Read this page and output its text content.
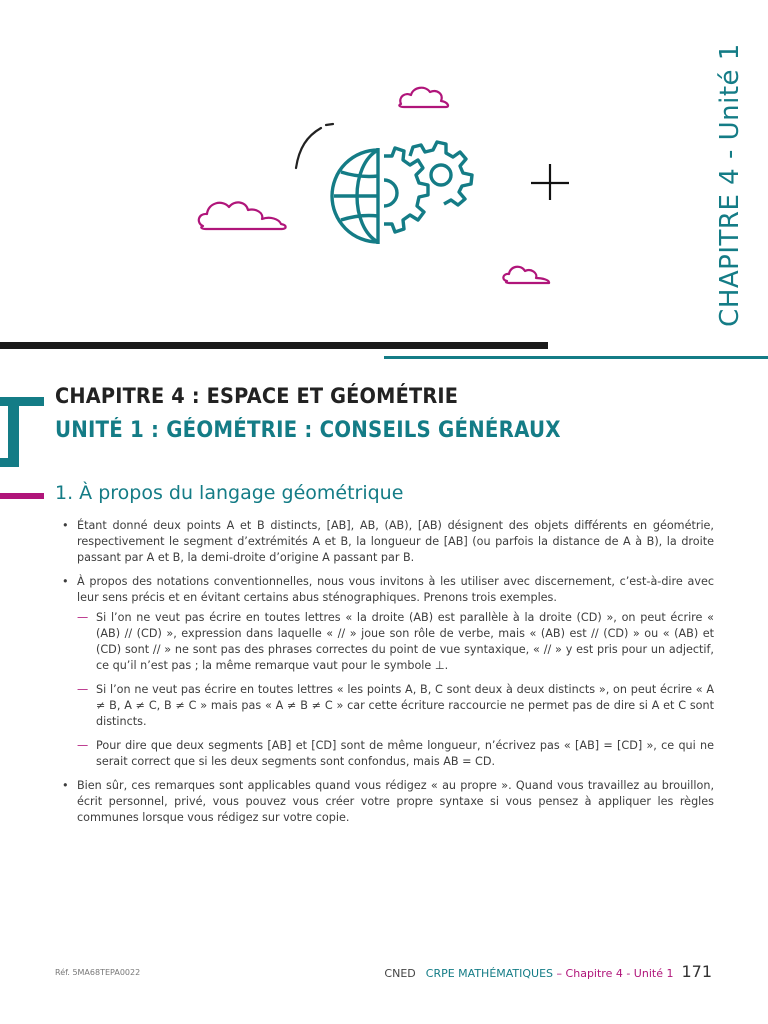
CHAPITRE 4 - Unité 1
CHAPITRE 4 : ESPACE ET GÉOMÉTRIE
UNITÉ 1 : GÉOMÉTRIE : CONSEILS GÉNÉRAUX
1. À propos du langage géométrique
• Étant donné deux points A et B distincts, [AB], AB, (AB), [AB) désignent des objets différents en géométrie, respectivement le segment d’extrémités A et B, la longueur de [AB] (ou parfois la distance de A à B), la droite passant par A et B, la demi-droite d’origine A passant par B.
• À propos des notations conventionnelles, nous vous invitons à les utiliser avec discernement, c’est-à-dire avec leur sens précis et en évitant certains abus sténographiques. Prenons trois exemples.
— Si l’on ne veut pas écrire en toutes lettres « la droite (AB) est parallèle à la droite (CD) », on peut écrire « (AB) // (CD) », expression dans laquelle « // » joue son rôle de verbe, mais « (AB) est // (CD) » ou « (AB) et (CD) sont // » ne sont pas des phrases correctes du point de vue syntaxique, « // » y est pris pour un adjectif, ce qu’il n’est pas ; la même remarque vaut pour le symbole ⊥.
— Si l’on ne veut pas écrire en toutes lettres « les points A, B, C sont deux à deux distincts », on peut écrire « A ≠ B, A ≠ C, B ≠ C » mais pas « A ≠ B ≠ C » car cette écriture raccourcie ne permet pas de dire si A et C sont distincts.
— Pour dire que deux segments [AB] et [CD] sont de même longueur, n’écrivez pas « [AB] = [CD] », ce qui ne serait correct que si les deux segments sont confondus, mais AB = CD.
• Bien sûr, ces remarques sont applicables quand vous rédigez « au propre ». Quand vous travaillez au brouillon, écrit personnel, privé, vous pouvez vous créer votre propre syntaxe si vous pensez à appliquer les règles communes lorsque vous rédigez sur votre copie.
Réf. 5MA68TEPA0022	CNED CRPE MATHÉMATIQUES – Chapitre 4 - Unité 1 171
